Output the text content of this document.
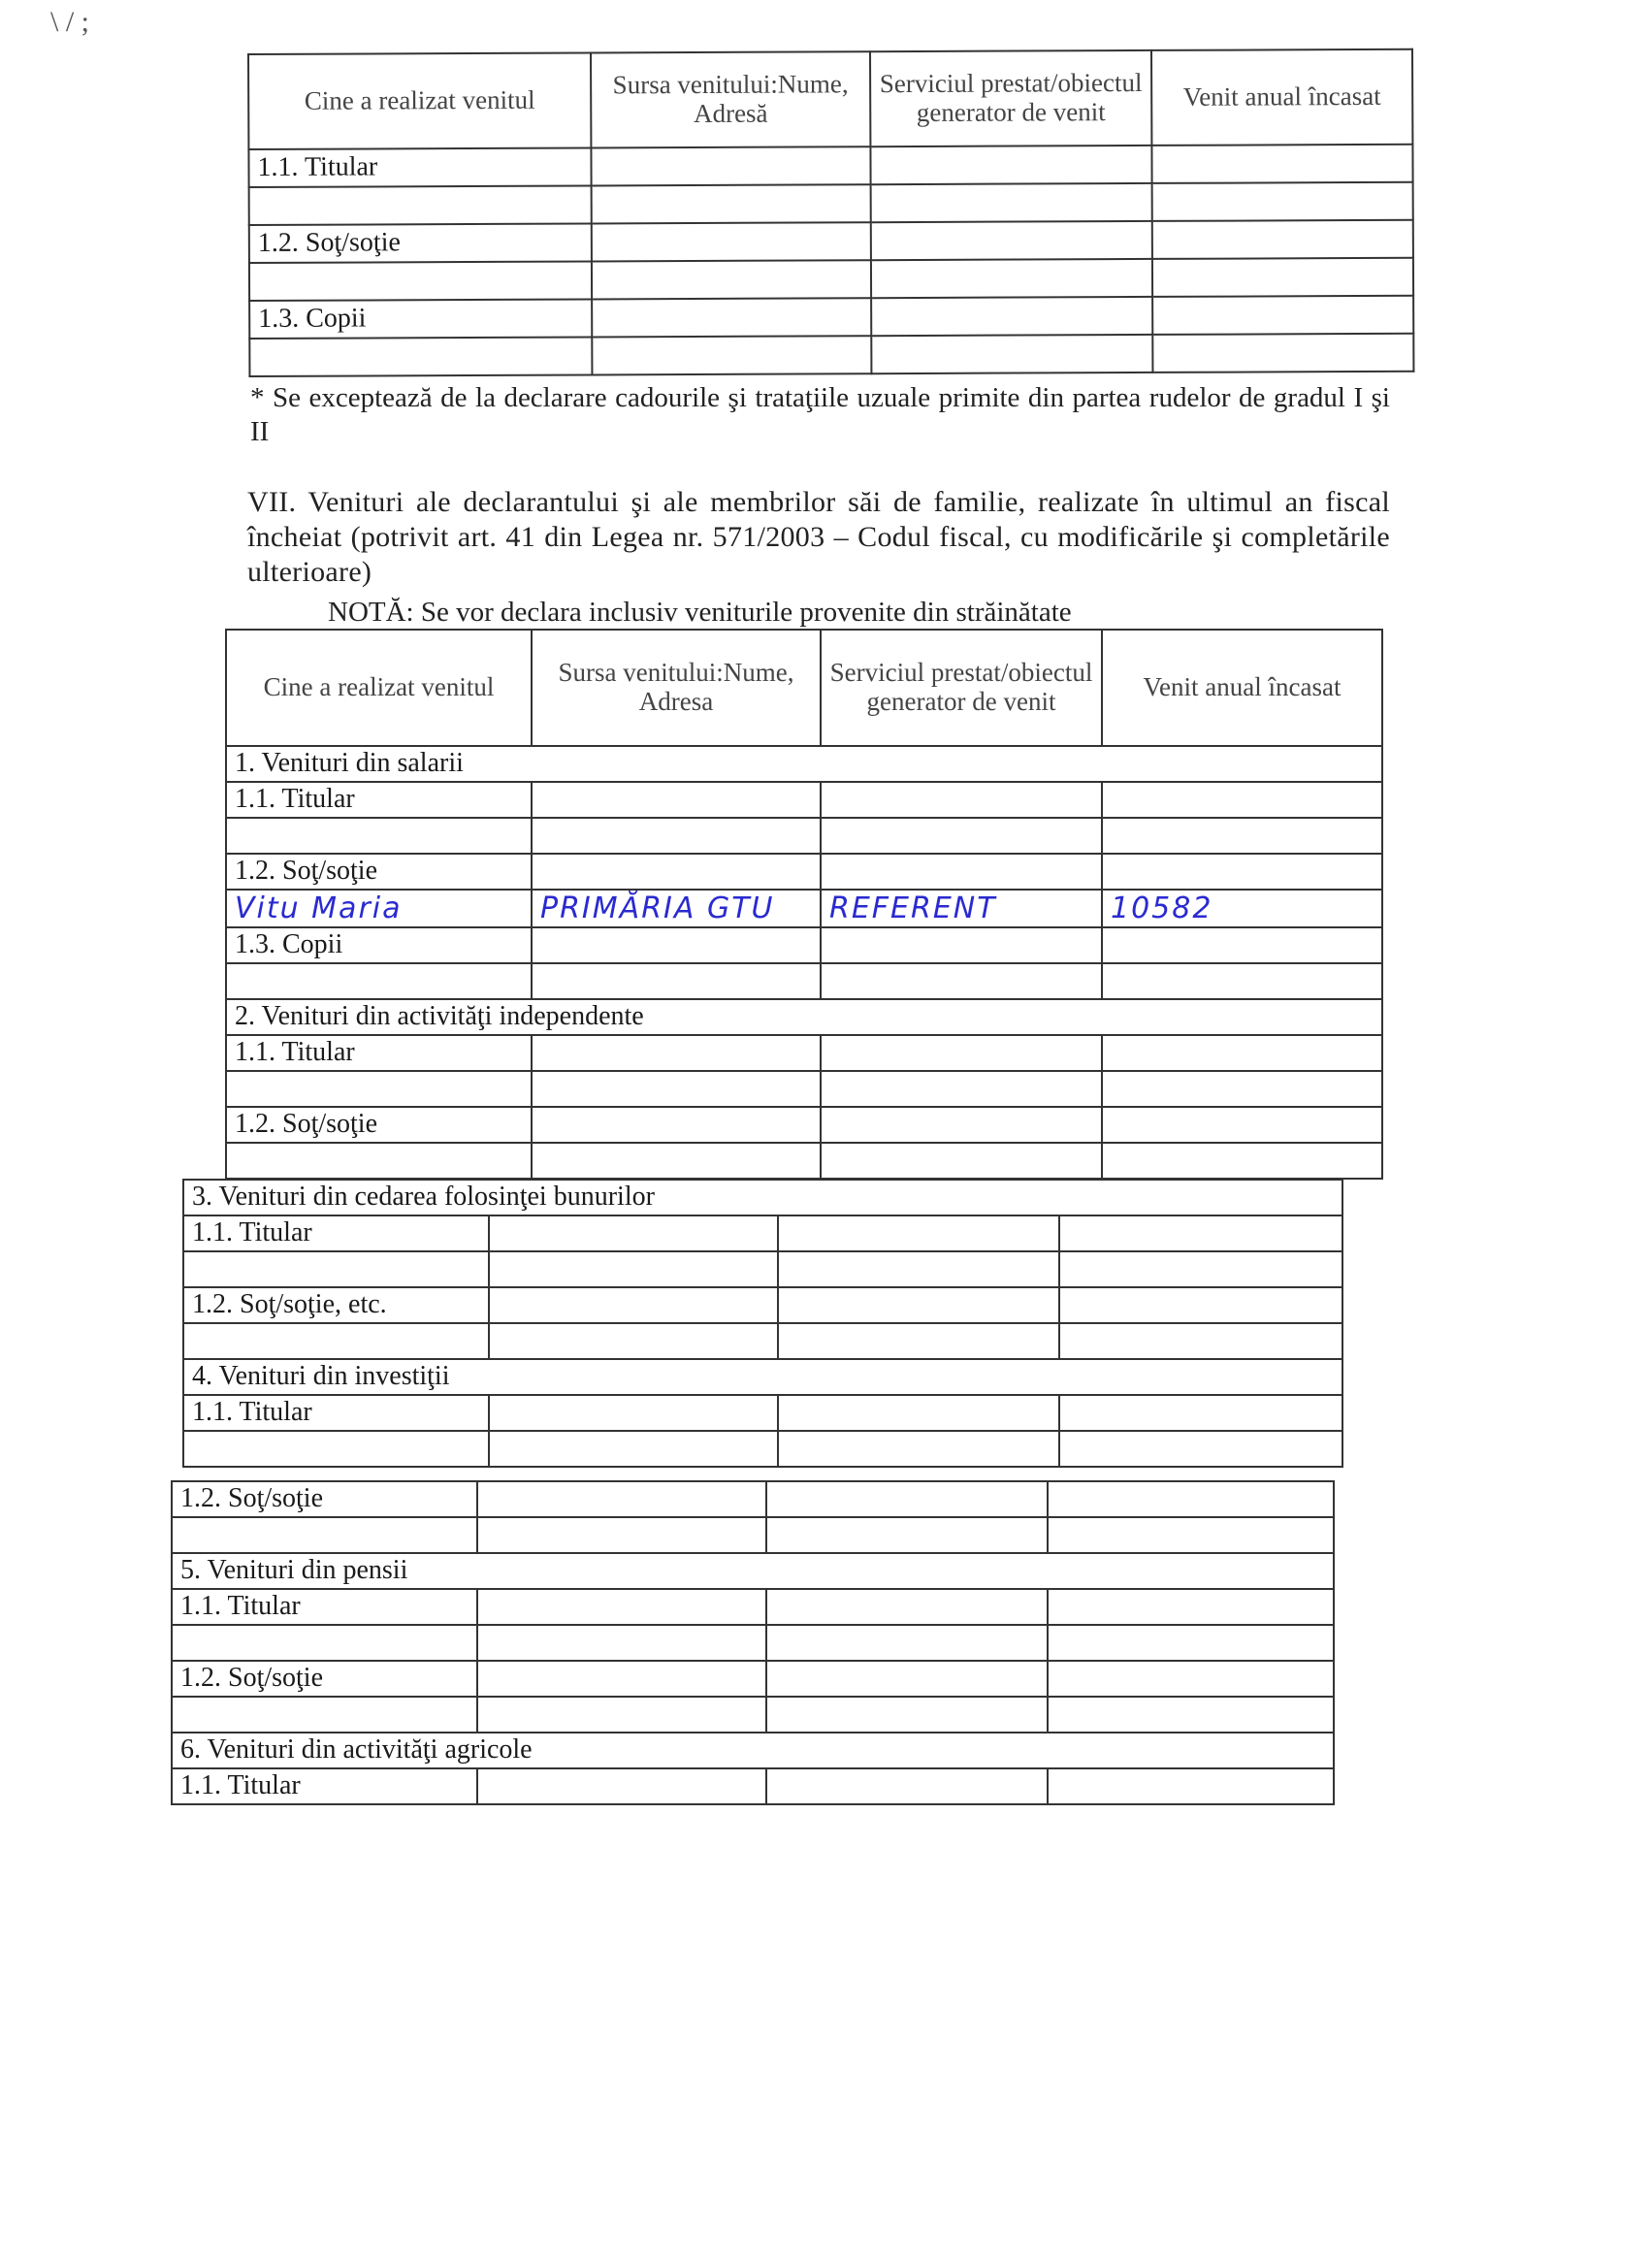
\ / ;
Cine a realizat venitul	Sursa venitului:Nume, Adresă	Serviciul prestat/obiectul generator de venit	Venit anual încasat
1.1. Titular			

1.2. Soţ/soţie			

1.3. Copii			

* Se exceptează de la declarare cadourile şi trataţiile uzuale primite din partea rudelor de gradul I şi II
VII. Venituri ale declarantului şi ale membrilor săi de familie, realizate în ultimul an fiscal încheiat (potrivit art. 41 din Legea nr. 571/2003 – Codul fiscal, cu modificările şi completările ulterioare)
NOTĂ: Se vor declara inclusiv veniturile provenite din străinătate
Cine a realizat venitul	Sursa venitului:Nume, Adresa	Serviciul prestat/obiectul generator de venit	Venit anual încasat
1. Venituri din salarii			
1.1. Titular			

1.2. Soţ/soţie			
Vitu Maria	PRIMĂRIA GTU	REFERENT	10582
1.3. Copii			

2. Venituri din activităţi independente			
1.1. Titular			

1.2. Soţ/soţie			

3. Venituri din cedarea folosinţei bunurilor			
1.1. Titular			

1.2. Soţ/soţie, etc.			

4. Venituri din investiţii			
1.1. Titular			

1.2. Soţ/soţie			

5. Venituri din pensii			
1.1. Titular			

1.2. Soţ/soţie			

6. Venituri din activităţi agricole			
1.1. Titular			
